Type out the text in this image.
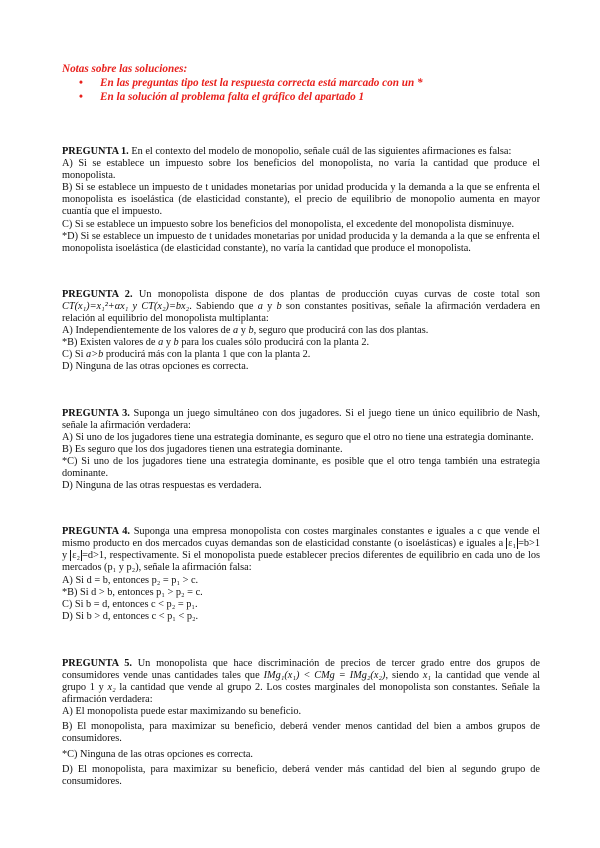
Notas sobre las soluciones:
• En las preguntas tipo test la respuesta correcta está marcado con un *
• En la solución al problema falta el gráfico del apartado 1

PREGUNTA 1. En el contexto del modelo de monopolio, señale cuál de las siguientes afirmaciones es falsa:

A) Si se establece un impuesto sobre los beneficios del monopolista, no varía la cantidad que produce el monopolista.

B) Si se establece un impuesto de t unidades monetarias por unidad producida y la demanda a la que se enfrenta el monopolista es isoelástica (de elasticidad constante), el precio de equilibrio de monopolio aumenta en mayor cuantía que el impuesto.

C) Si se establece un impuesto sobre los beneficios del monopolista, el excedente del monopolista disminuye.

*D) Si se establece un impuesto de t unidades monetarias por unidad producida y la demanda a la que se enfrenta el monopolista isoelástica (de elasticidad constante), no varía la cantidad que produce el monopolista.

PREGUNTA 2. Un monopolista dispone de dos plantas de producción cuyas curvas de coste total son CT(x₁)=x₁²+αx₁ y CT(x₂)=bx₂. Sabiendo que a y b son constantes positivas, señale la afirmación verdadera en relación al equilibrio del monopolista multiplanta:

A) Independientemente de los valores de a y b, seguro que producirá con las dos plantas.

*B) Existen valores de a y b para los cuales sólo producirá con la planta 2.

C) Si a>b producirá más con la planta 1 que con la planta 2.

D) Ninguna de las otras opciones es correcta.

PREGUNTA 3. Suponga un juego simultáneo con dos jugadores. Si el juego tiene un único equilibrio de Nash, señale la afirmación verdadera:

A) Si uno de los jugadores tiene una estrategia dominante, es seguro que el otro no tiene una estrategia dominante.

B) Es seguro que los dos jugadores tienen una estrategia dominante.

*C) Si uno de los jugadores tiene una estrategia dominante, es posible que el otro tenga también una estrategia dominante.

D) Ninguna de las otras respuestas es verdadera.

PREGUNTA 4. Suponga una empresa monopolista con costes marginales constantes e iguales a c que vende el mismo producto en dos mercados cuyas demandas son de elasticidad constante (o isoelásticas) e iguales a ε₁ =b>1 y ε₂ =d>1, respectivamente. Si el monopolista puede establecer precios diferentes de equilibrio en cada uno de los mercados (p₁ y p₂), señale la afirmación falsa:

A) Si d = b, entonces p₂ = p₁ > c.

*B) Si d > b, entonces p₁ > p₂ = c.

C) Si b = d, entonces c < p₂ = p₁.

D) Si b > d, entonces c < p₁ < p₂.

PREGUNTA 5. Un monopolista que hace discriminación de precios de tercer grado entre dos grupos de consumidores vende unas cantidades tales que IMg₁(x₁) < CMg = IMg₂(x₂), siendo x₁ la cantidad que vende al grupo 1 y x₂ la cantidad que vende al grupo 2. Los costes marginales del monopolista son constantes. Señale la afirmación verdadera:

A) El monopolista puede estar maximizando su beneficio.

B) El monopolista, para maximizar su beneficio, deberá vender menos cantidad del bien a ambos grupos de consumidores.

*C) Ninguna de las otras opciones es correcta.

D) El monopolista, para maximizar su beneficio, deberá vender más cantidad del bien al segundo grupo de consumidores.
